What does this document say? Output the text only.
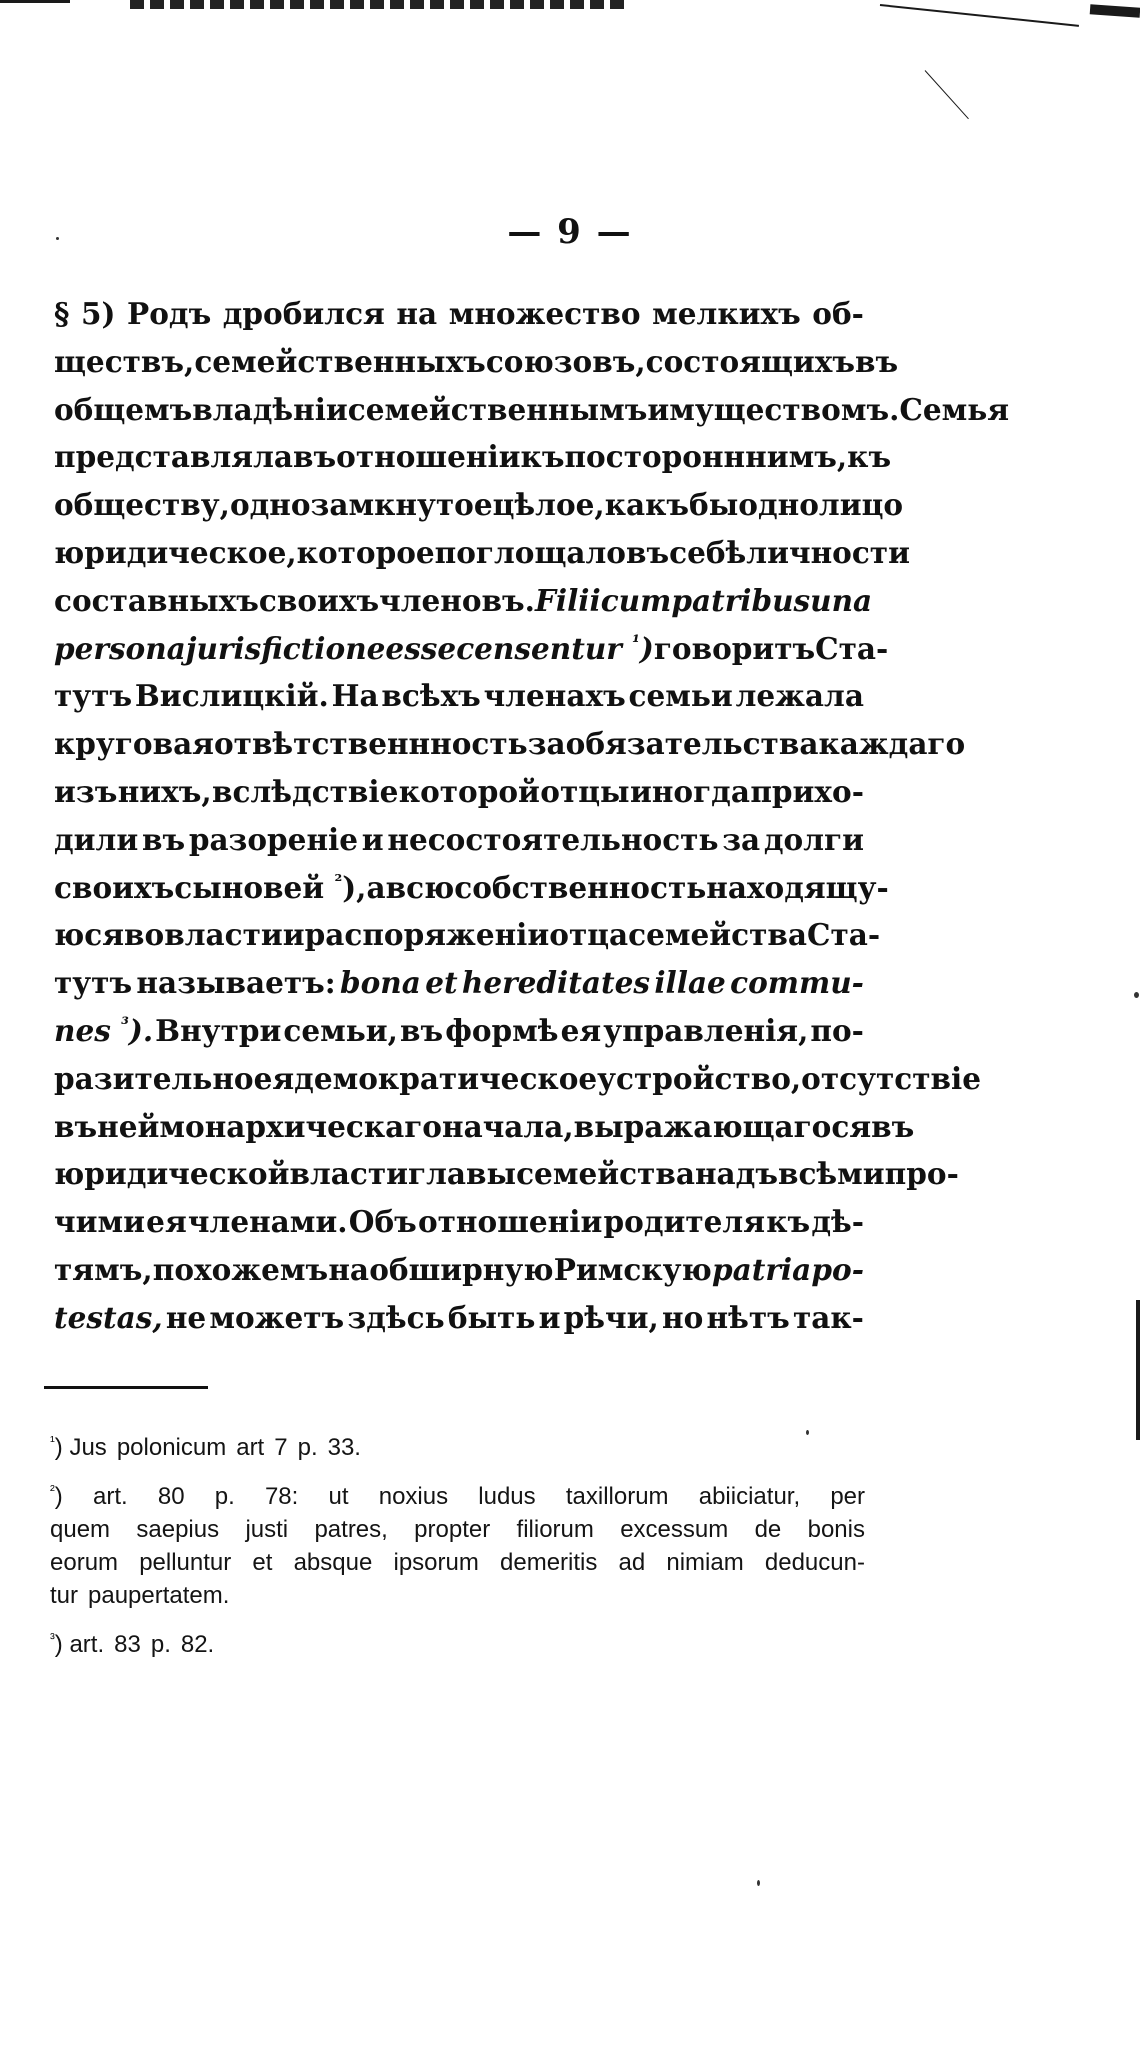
— 9 —
§ 5) Родъ дробился на множество мелкихъ об-
ществъ, семейственныхъ союзовъ, состоящихъ въ
общемъ владѣніи семейственнымъ имуществомъ. Семья
представляла въ отношеніи къ посторонннимъ, къ
обществу, одно замкнутое цѣлое, какъ бы одно лицо
юридическое, которое поглощало въ себѣ личности
составныхъ своихъ членовъ. Filii cum patribus una
persona jurisfictione esse censentur $^{^1}$) говоритъ Ста-
тутъ Вислицкій. На всѣхъ членахъ семьи лежала
круговая отвѣтственнность за обязательства каждаго
изъ нихъ, вслѣдствіе которой отцы иногда прихо-
дили въ разореніе и несостоятельность за долги
своихъ сыновей $^{^2}$), а всю собственность находящу-
юся во власти и распоряженіи отца семейства Ста-
тутъ называетъ: bona et hereditates illae commu-
nes $^{^3}$). Внутри семьи, въ формѣ ея управленія, по-
разительно ея демократическое устройство, отсутствіе
въ ней монархическаго начала, выражающагося въ
юридической власти главы семейства надъ всѣми про-
чими ея членами. Объ отношеніи родителя къ дѣ-
тямъ, похожемъ на обширную Римскую patria po-
testas, не можетъ здѣсь быть и рѣчи, но нѣтъ так-
$^{^1}$) Jus polonicum art 7 p. 33.
$^{^2}$) art. 80 p. 78: ut noxius ludus taxillorum abiiciatur, per
quem saepius justi patres, propter filiorum excessum de bonis
eorum pelluntur et absque ipsorum demeritis ad nimiam deducun-
tur paupertatem.
$^{^3}$) art. 83 p. 82.
